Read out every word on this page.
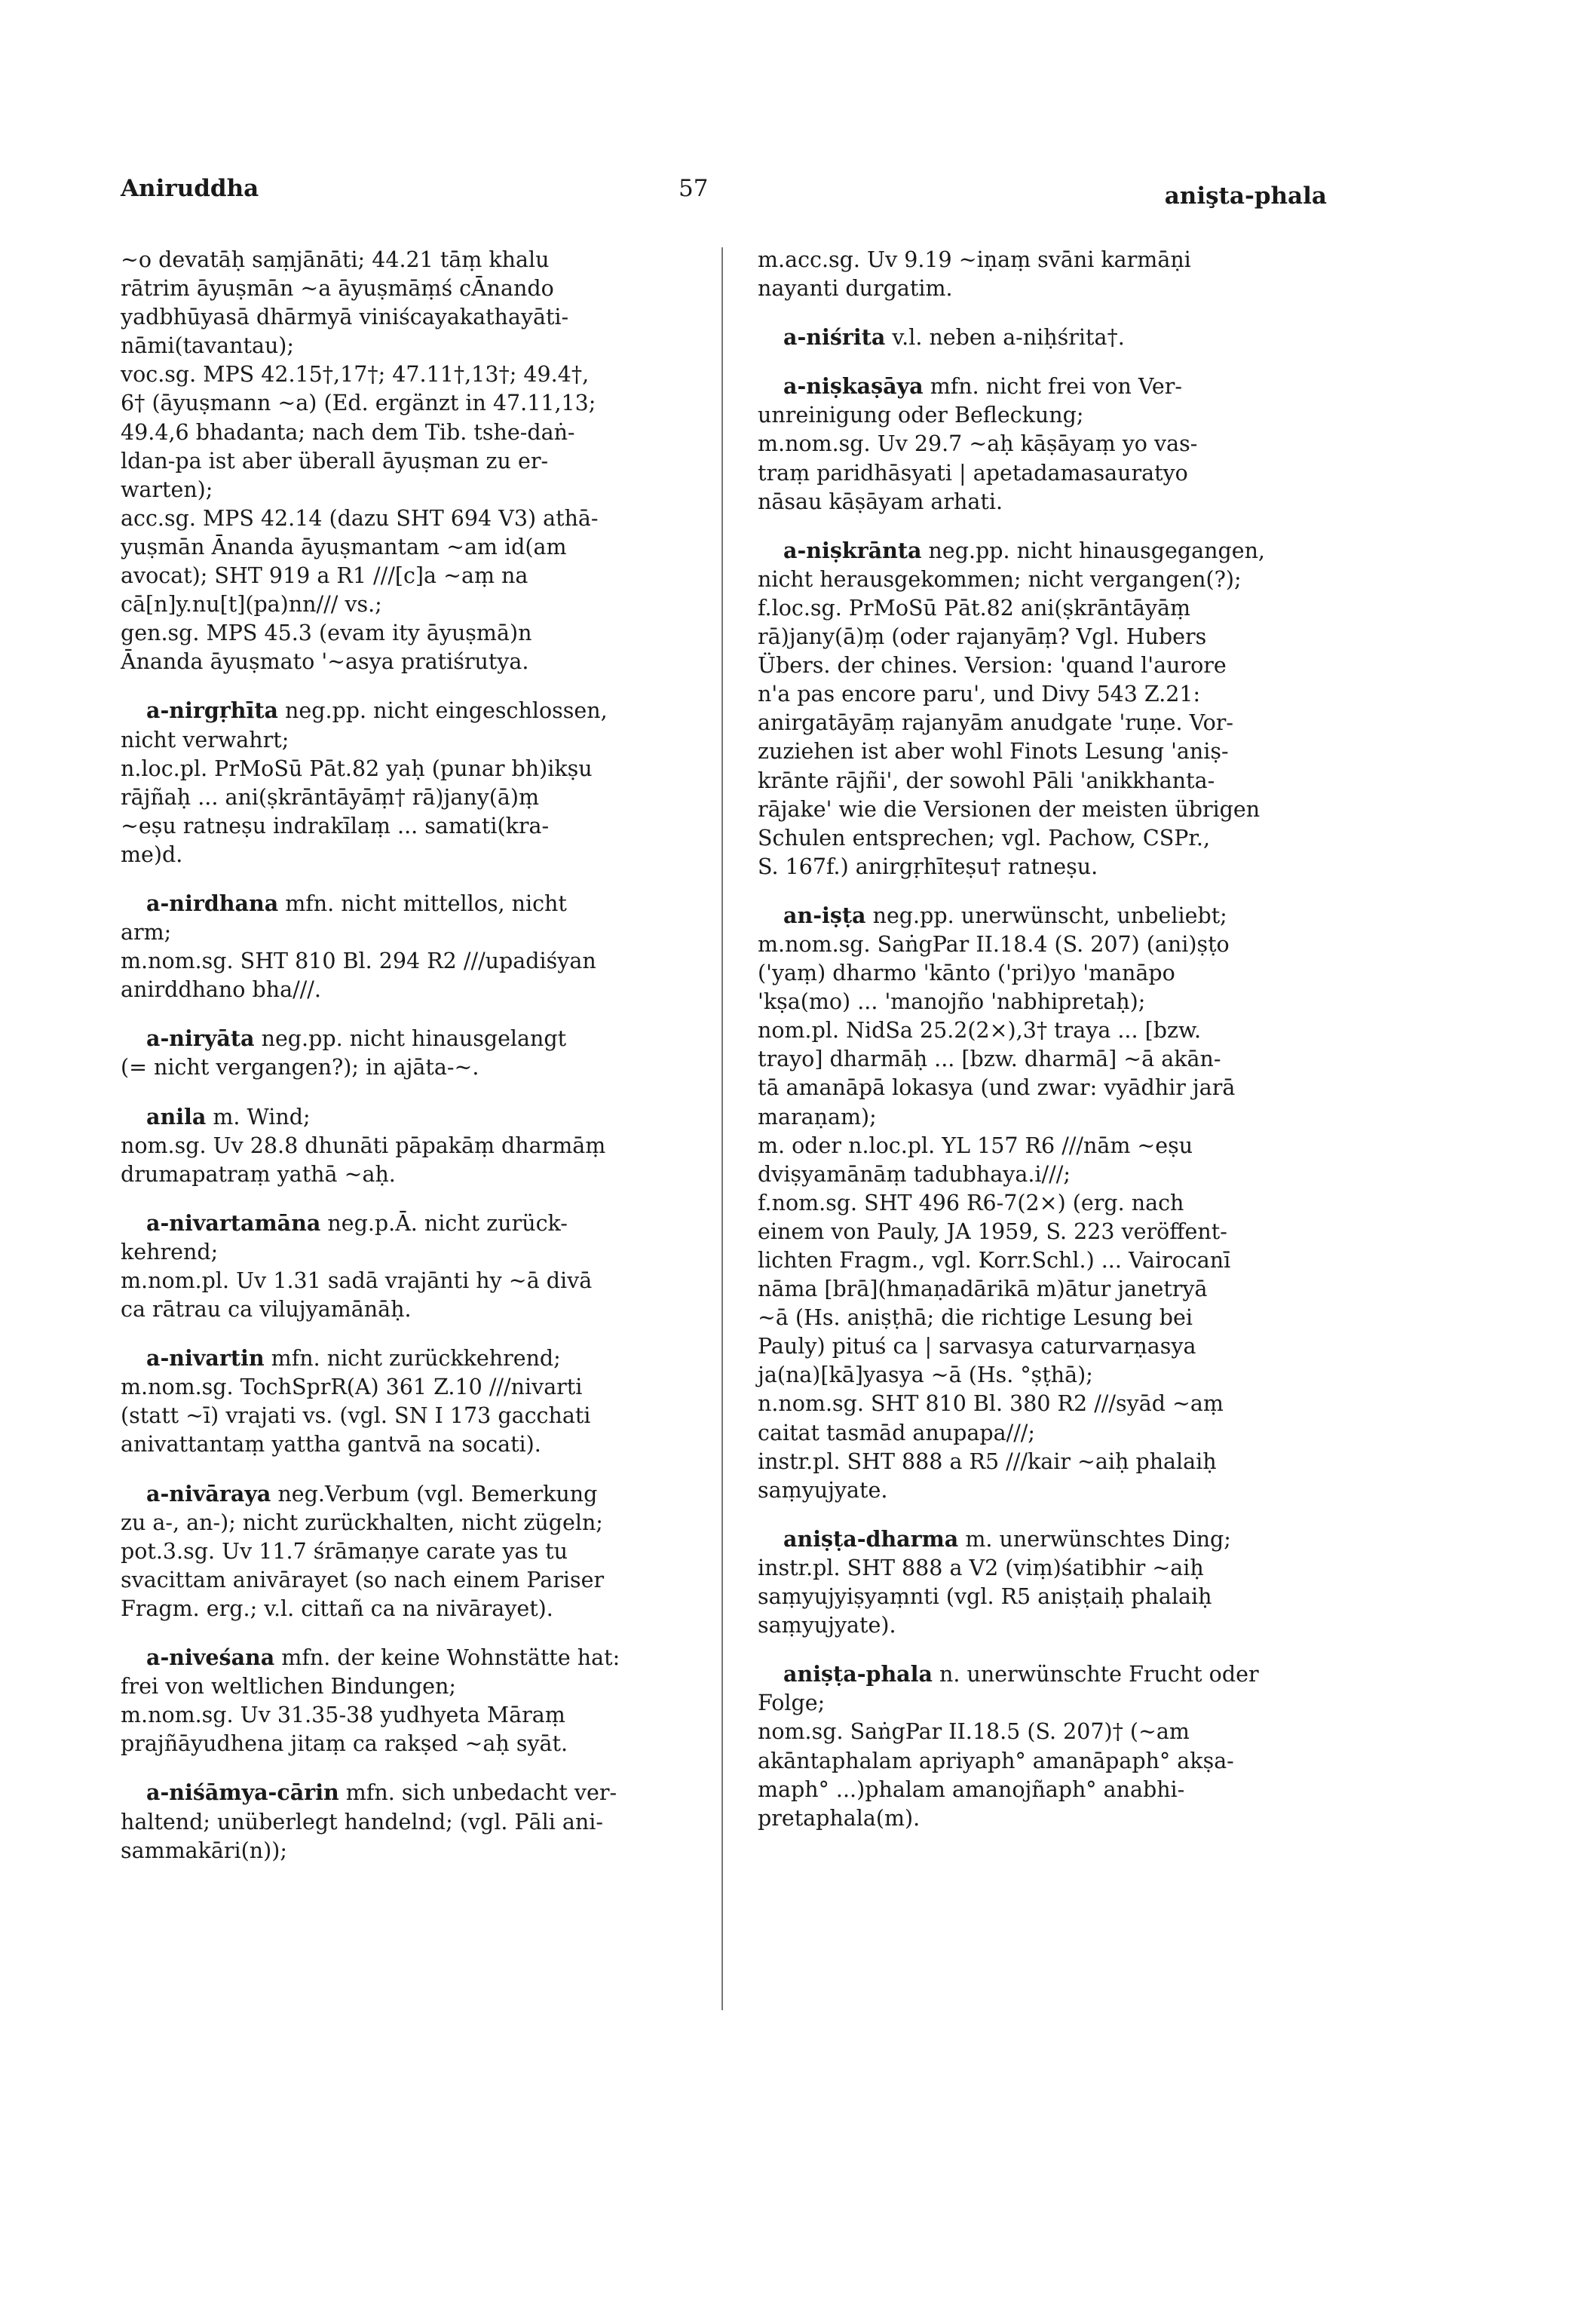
Aniruddha	57	anişta-phala
~o devatāḥ saṃjānāti; 44.21 tāṃ khalu
rātrim āyuṣmān ~a āyuṣmāṃś cĀnando
yadbhūyasā dhārmyā viniścayakathayāti-
nāmi(tavantau);
voc.sg. MPS 42.15†,17†; 47.11†,13†; 49.4†,
6† (āyuṣmann ~a) (Ed. ergänzt in 47.11,13;
49.4,6 bhadanta; nach dem Tib. tshe-daṅ-
ldan-pa ist aber überall āyuṣman zu er-
warten);
acc.sg. MPS 42.14 (dazu SHT 694 V3) athā-
yuṣmān Ānanda āyuṣmantam ~am id(am
avocat); SHT 919 a R1 ///[c]a ~aṃ na
cā[n]y.nu[t](pa)nn/// vs.;
gen.sg. MPS 45.3 (evam ity āyuṣmā)n
Ānanda āyuṣmato '~asya pratiśrutya.
a-nirgṛhīta neg.pp. nicht eingeschlossen,
nicht verwahrt;
n.loc.pl. PrMoSū Pāt.82 yaḥ (punar bh)ikṣu
rājñaḥ ... ani(ṣkrāntāyāṃ† rā)jany(ā)ṃ
~eṣu ratneṣu indrakīlaṃ ... samati(kra-
me)d.
a-nirdhana mfn. nicht mittellos, nicht
arm;
m.nom.sg. SHT 810 Bl. 294 R2 ///upadiśyan
anirddhano bha///.
a-niryāta neg.pp. nicht hinausgelangt
(= nicht vergangen?); in ajāta-~.
anila m. Wind;
nom.sg. Uv 28.8 dhunāti pāpakāṃ dharmāṃ
drumapatraṃ yathā ~aḥ.
a-nivartamāna neg.p.Ā. nicht zurück-
kehrend;
m.nom.pl. Uv 1.31 sadā vrajānti hy ~ā divā
ca rātrau ca vilujyamānāḥ.
a-nivartin mfn. nicht zurückkehrend;
m.nom.sg. TochSprR(A) 361 Z.10 ///nivarti
(statt ~ī) vrajati vs. (vgl. SN I 173 gacchati
anivattantaṃ yattha gantvā na socati).
a-nivāraya neg.Verbum (vgl. Bemerkung
zu a-, an-); nicht zurückhalten, nicht zügeln;
pot.3.sg. Uv 11.7 śrāmaṇye carate yas tu
svacittam anivārayet (so nach einem Pariser
Fragm. erg.; v.l. cittañ ca na nivārayet).
a-niveśana mfn. der keine Wohnstätte hat:
frei von weltlichen Bindungen;
m.nom.sg. Uv 31.35-38 yudhyeta Māraṃ
prajñāyudhena jitaṃ ca rakṣed ~aḥ syāt.
a-niśāmya-cārin mfn. sich unbedacht ver-
haltend; unüberlegt handelnd; (vgl. Pāli ani-
sammakāri(n));
m.acc.sg. Uv 9.19 ~iṇaṃ svāni karmāṇi
nayanti durgatim.
a-niśrita v.l. neben a-niḥśrita†.
a-niṣkaṣāya mfn. nicht frei von Ver-
unreinigung oder Befleckung;
m.nom.sg. Uv 29.7 ~aḥ kāṣāyaṃ yo vas-
traṃ paridhāsyati | apetadamasauratyo
nāsau kāṣāyam arhati.
a-niṣkrānta neg.pp. nicht hinausgegangen,
nicht herausgekommen; nicht vergangen(?);
f.loc.sg. PrMoSū Pāt.82 ani(ṣkrāntāyāṃ
rā)jany(ā)ṃ (oder rajanyāṃ? Vgl. Hubers
Übers. der chines. Version: 'quand l'aurore
n'a pas encore paru', und Divy 543 Z.21:
anirgatāyāṃ rajanyām anudgate 'ruṇe. Vor-
zuziehen ist aber wohl Finots Lesung 'aniṣ-
krānte rājñi', der sowohl Pāli 'anikkhanta-
rājake' wie die Versionen der meisten übrigen
Schulen entsprechen; vgl. Pachow, CSPr.,
S. 167f.) anirgṛhīteṣu† ratneṣu.
an-iṣṭa neg.pp. unerwünscht, unbeliebt;
m.nom.sg. SaṅgPar II.18.4 (S. 207) (ani)ṣṭo
('yaṃ) dharmo 'kānto ('pri)yo 'manāpo
'kṣa(mo) ... 'manojño 'nabhipretaḥ);
nom.pl. NidSa 25.2(2×),3† traya ... [bzw.
trayo] dharmāḥ ... [bzw. dharmā] ~ā akān-
tā amanāpā lokasya (und zwar: vyādhir jarā
maraṇam);
m. oder n.loc.pl. YL 157 R6 ///nām ~eṣu
dviṣyamānāṃ tadubhaya.i///;
f.nom.sg. SHT 496 R6-7(2×) (erg. nach
einem von Pauly, JA 1959, S. 223 veröffent-
lichten Fragm., vgl. Korr.Schl.) ... Vairocanī
nāma [brā](hmaṇadārikā m)ātur janetryā
~ā (Hs. aniṣṭhā; die richtige Lesung bei
Pauly) pituś ca | sarvasya caturvarṇasya
ja(na)[kā]yasya ~ā (Hs. °ṣṭhā);
n.nom.sg. SHT 810 Bl. 380 R2 ///syād ~aṃ
caitat tasmād anupapa///;
instr.pl. SHT 888 a R5 ///kair ~aiḥ phalaiḥ
saṃyujyate.
aniṣṭa-dharma m. unerwünschtes Ding;
instr.pl. SHT 888 a V2 (viṃ)śatibhir ~aiḥ
saṃyujyiṣyaṃnti (vgl. R5 aniṣṭaiḥ phalaiḥ
saṃyujyate).
aniṣṭa-phala n. unerwünschte Frucht oder
Folge;
nom.sg. SaṅgPar II.18.5 (S. 207)† (~am
akāntaphalam apriyaph° amanāpaph° akṣa-
maph° ...)phalam amanojñaph° anabhi-
pretaphala(m).
